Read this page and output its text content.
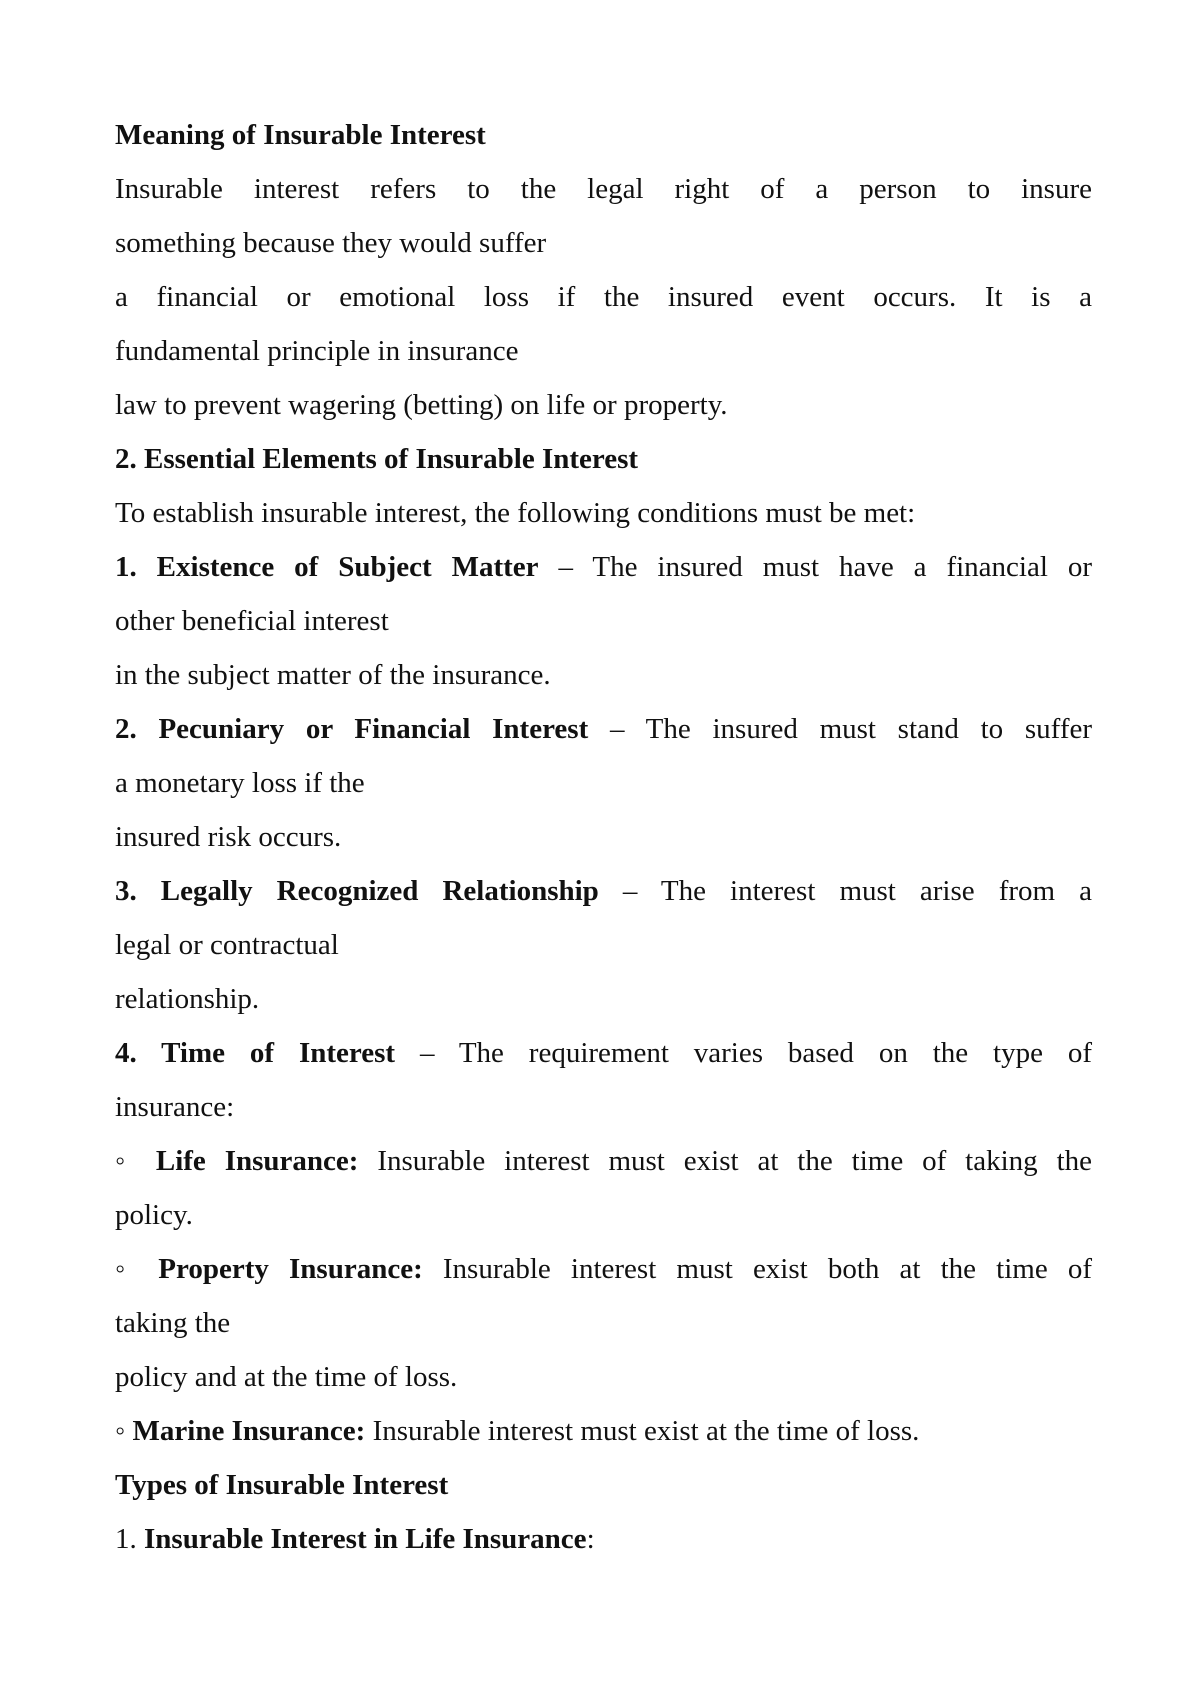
Meaning of Insurable Interest
Insurable interest refers to the legal right of a person to insure
something because they would suffer
a financial or emotional loss if the insured event occurs. It is a
fundamental principle in insurance
law to prevent wagering (betting) on life or property.
2. Essential Elements of Insurable Interest
To establish insurable interest, the following conditions must be met:
1. Existence of Subject Matter – The insured must have a financial or
other beneficial interest
in the subject matter of the insurance.
2. Pecuniary or Financial Interest – The insured must stand to suffer
a monetary loss if the
insured risk occurs.
3. Legally Recognized Relationship – The interest must arise from a
legal or contractual
relationship.
4. Time of Interest – The requirement varies based on the type of
insurance:
◦ Life Insurance: Insurable interest must exist at the time of taking the
policy.
◦ Property Insurance: Insurable interest must exist both at the time of
taking the
policy and at the time of loss.
◦ Marine Insurance: Insurable interest must exist at the time of loss.
Types of Insurable Interest
1. Insurable Interest in Life Insurance:
